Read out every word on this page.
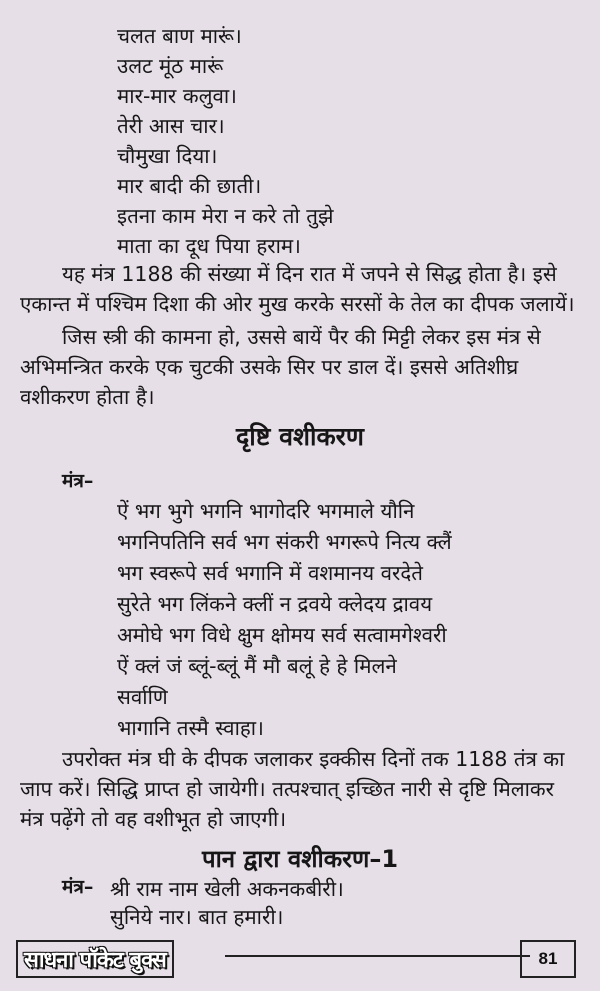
चलत बाण मारूं।
उलट मूंठ मारूं
मार-मार कलुवा।
तेरी आस चार।
चौमुखा दिया।
मार बादी की छाती।
इतना काम मेरा न करे तो तुझे
माता का दूध पिया हराम।
यह मंत्र 1188 की संख्या में दिन रात में जपने से सिद्ध होता है। इसे
एकान्त में पश्चिम दिशा की ओर मुख करके सरसों के तेल का दीपक जलायें।
जिस स्त्री की कामना हो, उससे बायें पैर की मिट्टी लेकर इस मंत्र से
अभिमन्त्रित करके एक चुटकी उसके सिर पर डाल दें। इससे अतिशीघ्र
वशीकरण होता है।
दृष्टि वशीकरण
मंत्र–
ऐं भग भुगे भगनि भागोदरि भगमाले यौनि
भगनिपतिनि सर्व भग संकरी भगरूपे नित्य क्लैं
भग स्वरूपे सर्व भगानि में वशमानय वरदेते
सुरेते भग लिंकने क्लीं न द्रवये क्लेदय द्रावय
अमोघे भग विधे क्षुम क्षोमय सर्व सत्वामगेश्वरी
ऐं क्लं जं ब्लूं-ब्लूं मैं मौ बलूं हे हे मिलने
सर्वाणि
भागानि तस्मै स्वाहा।
उपरोक्त मंत्र घी के दीपक जलाकर इक्कीस दिनों तक 1188 तंत्र का
जाप करें। सिद्धि प्राप्त हो जायेगी। तत्पश्चात् इच्छित नारी से दृष्टि मिलाकर
मंत्र पढ़ेंगे तो वह वशीभूत हो जाएगी।
पान द्वारा वशीकरण–1
मंत्र– श्री राम नाम खेली अकनकबीरी।
सुनिये नार। बात हमारी।
साधना पॉकेट बुक्स	81
